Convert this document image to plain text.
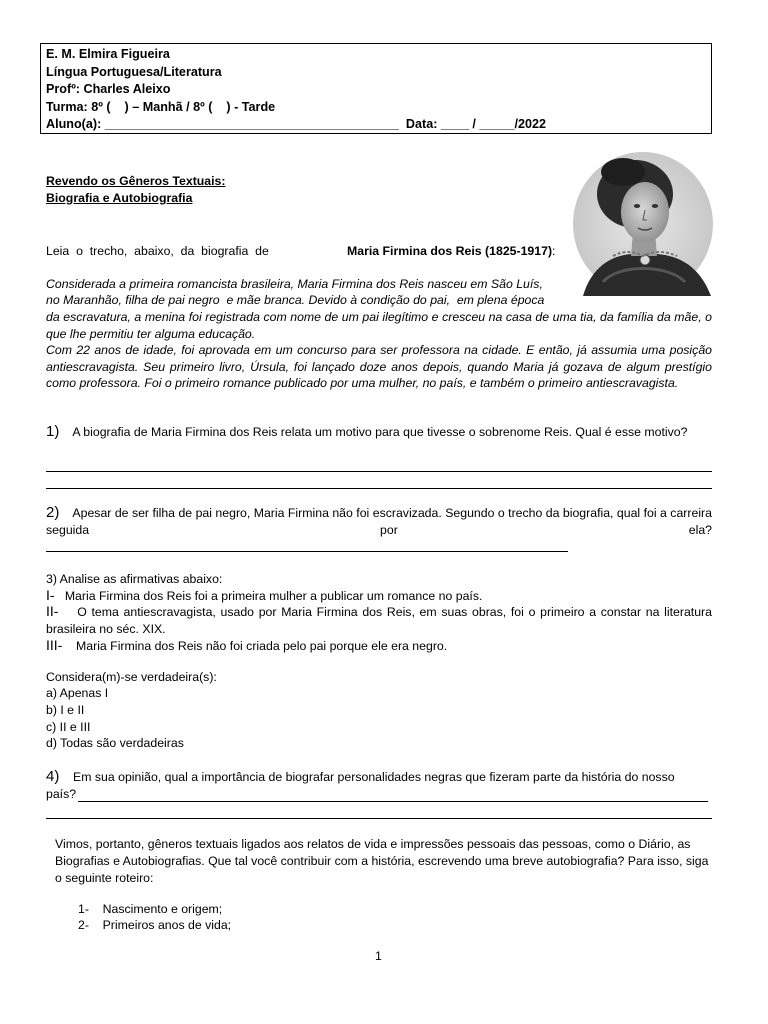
E. M. Elmira Figueira
Língua Portuguesa/Literatura
Profº: Charles Aleixo
Turma: 8º (    ) – Manhã / 8º (    ) - Tarde
Aluno(a): __________________________________________  Data: ____ / _____/2022
Revendo os Gêneros Textuais:
Biografia e Autobiografia
Leia  o  trecho,  abaixo,  da  biografia  de	Maria Firmina dos Reis (1825-1917):
Considerada a primeira romancista brasileira, Maria Firmina dos Reis nasceu em São Luís,
no Maranhão, filha de pai negro  e mãe branca. Devido à condição do pai,  em plena época
da escravatura, a menina foi registrada com nome de um pai ilegítimo e cresceu na casa de uma tia, da família da mãe, o que lhe permitiu ter alguma educação.
Com 22 anos de idade, foi aprovada em um concurso para ser professora na cidade. E então, já assumia uma posição antiescravagista. Seu primeiro livro, Úrsula, foi lançado doze anos depois, quando Maria já gozava de algum prestígio como professora. Foi o primeiro romance publicado por uma mulher, no país, e também o primeiro antiescravagista.
1) A biografia de Maria Firmina dos Reis relata um motivo para que tivesse o sobrenome Reis. Qual é esse motivo?
2) Apesar de ser filha de pai negro, Maria Firmina não foi escravizada. Segundo o trecho da biografia, qual foi a carreira seguida por ela?
3) Analise as afirmativas abaixo:
I- Maria Firmina dos Reis foi a primeira mulher a publicar um romance no país.
II- O tema antiescravagista, usado por Maria Firmina dos Reis, em suas obras, foi o primeiro a constar na literatura brasileira no séc. XIX.
III- Maria Firmina dos Reis não foi criada pelo pai porque ele era negro.
Considera(m)-se verdadeira(s):
a) Apenas I
b) I e II
c) II e III
d) Todas são verdadeiras
4) Em sua opinião, qual a importância de biografar personalidades negras que fizeram parte da história do nosso
país?
Vimos, portanto, gêneros textuais ligados aos relatos de vida e impressões pessoais das pessoas, como o Diário, as Biografias e Autobiografias. Que tal você contribuir com a história, escrevendo uma breve autobiografia? Para isso, siga o seguinte roteiro:
1- Nascimento e origem;
2- Primeiros anos de vida;
1
